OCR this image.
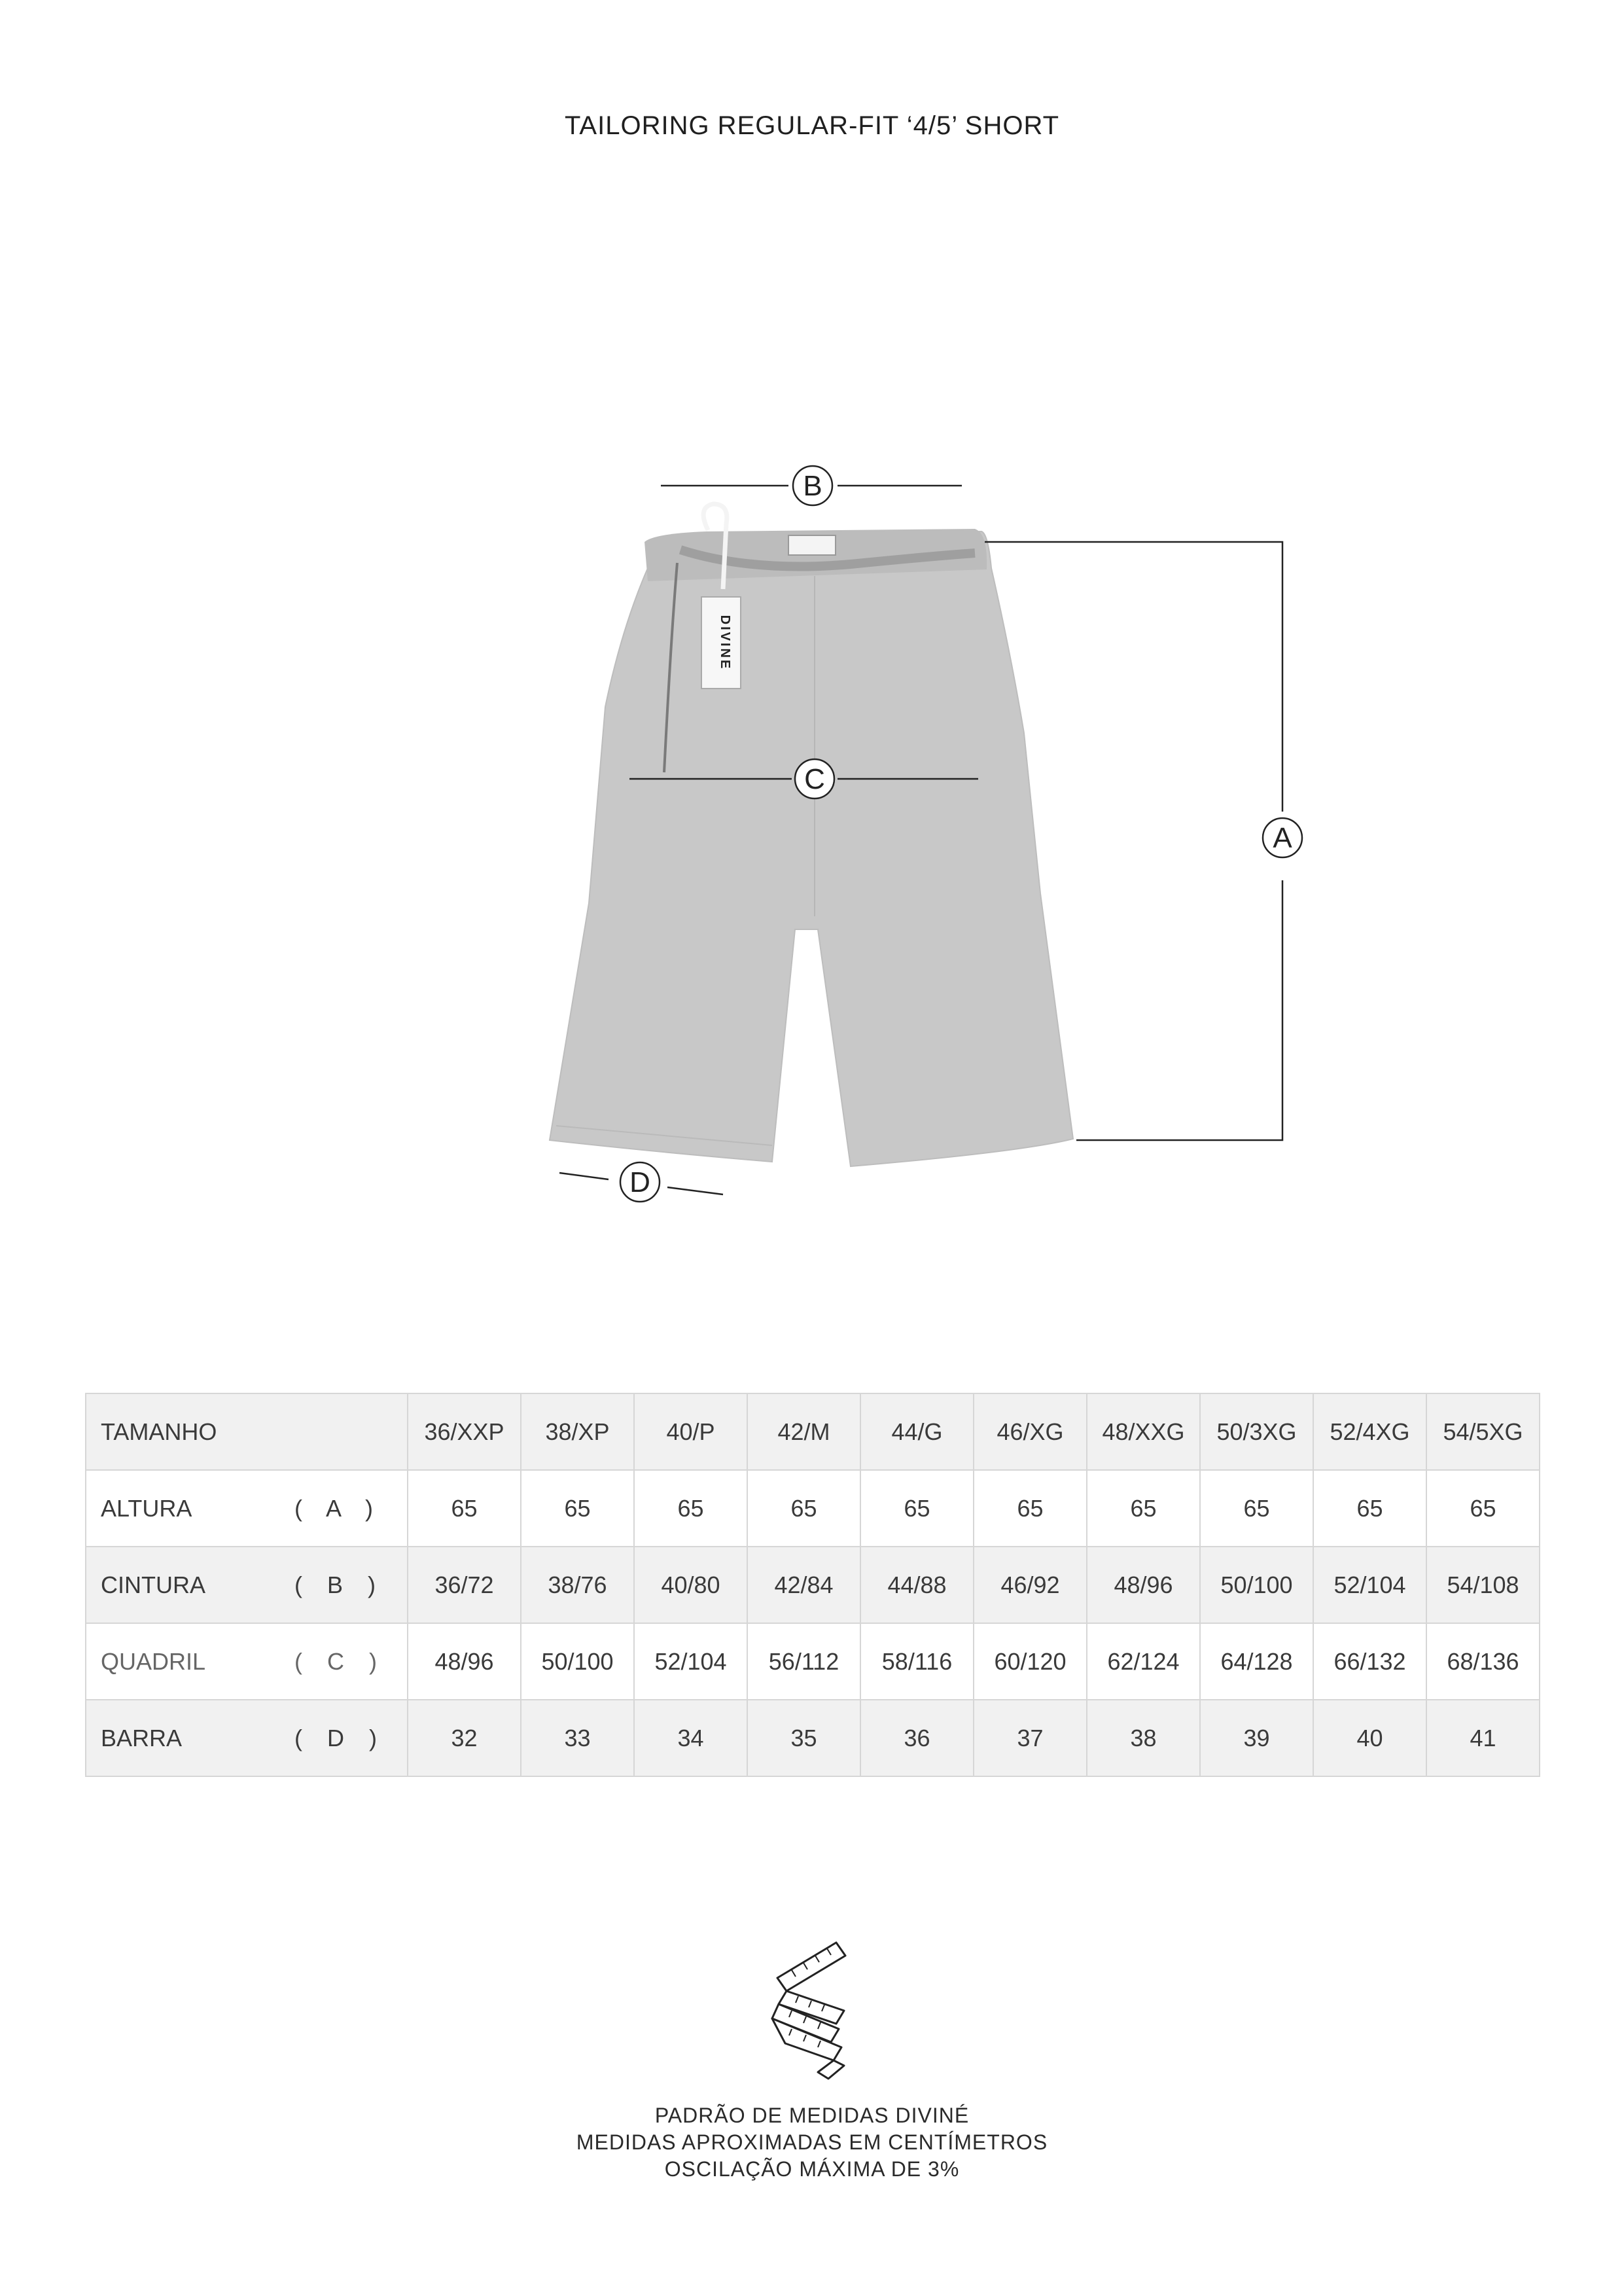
TAILORING REGULAR-FIT ‘4/5’ SHORT
DIVINE
B
C
A
D
TAMANHO	36/XXP	38/XP	40/P	42/M	44/G	46/XG	48/XXG	50/3XG	52/4XG	54/5XG
ALTURA ( A )	65	65	65	65	65	65	65	65	65	65
CINTURA ( B )	36/72	38/76	40/80	42/84	44/88	46/92	48/96	50/100	52/104	54/108
QUADRIL ( C )	48/96	50/100	52/104	56/112	58/116	60/120	62/124	64/128	66/132	68/136
BARRA ( D )	32	33	34	35	36	37	38	39	40	41
PADRÃO DE MEDIDAS DIVINÉ
MEDIDAS APROXIMADAS EM CENTÍMETROS
OSCILAÇÃO MÁXIMA DE 3%
